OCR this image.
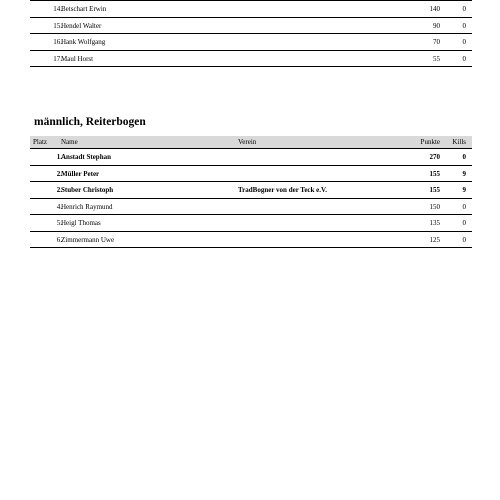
14. Betschart Erwin	140	0
15. Hendel Walter	90	0
16. Hank Wolfgang	70	0
17. Maul Horst	55	0
männlich, Reiterbogen
Platz Name	Verein	Punkte Kills
1. Anstadt Stephan	270	0
2. Müller Peter	155	9
2. Stuber Christoph	TradBogner von der Teck e.V.	155	9
4. Henrich Raymund	150	0
5. Heigl Thomas	135	0
6. Zimmermann Uwe	125	0
